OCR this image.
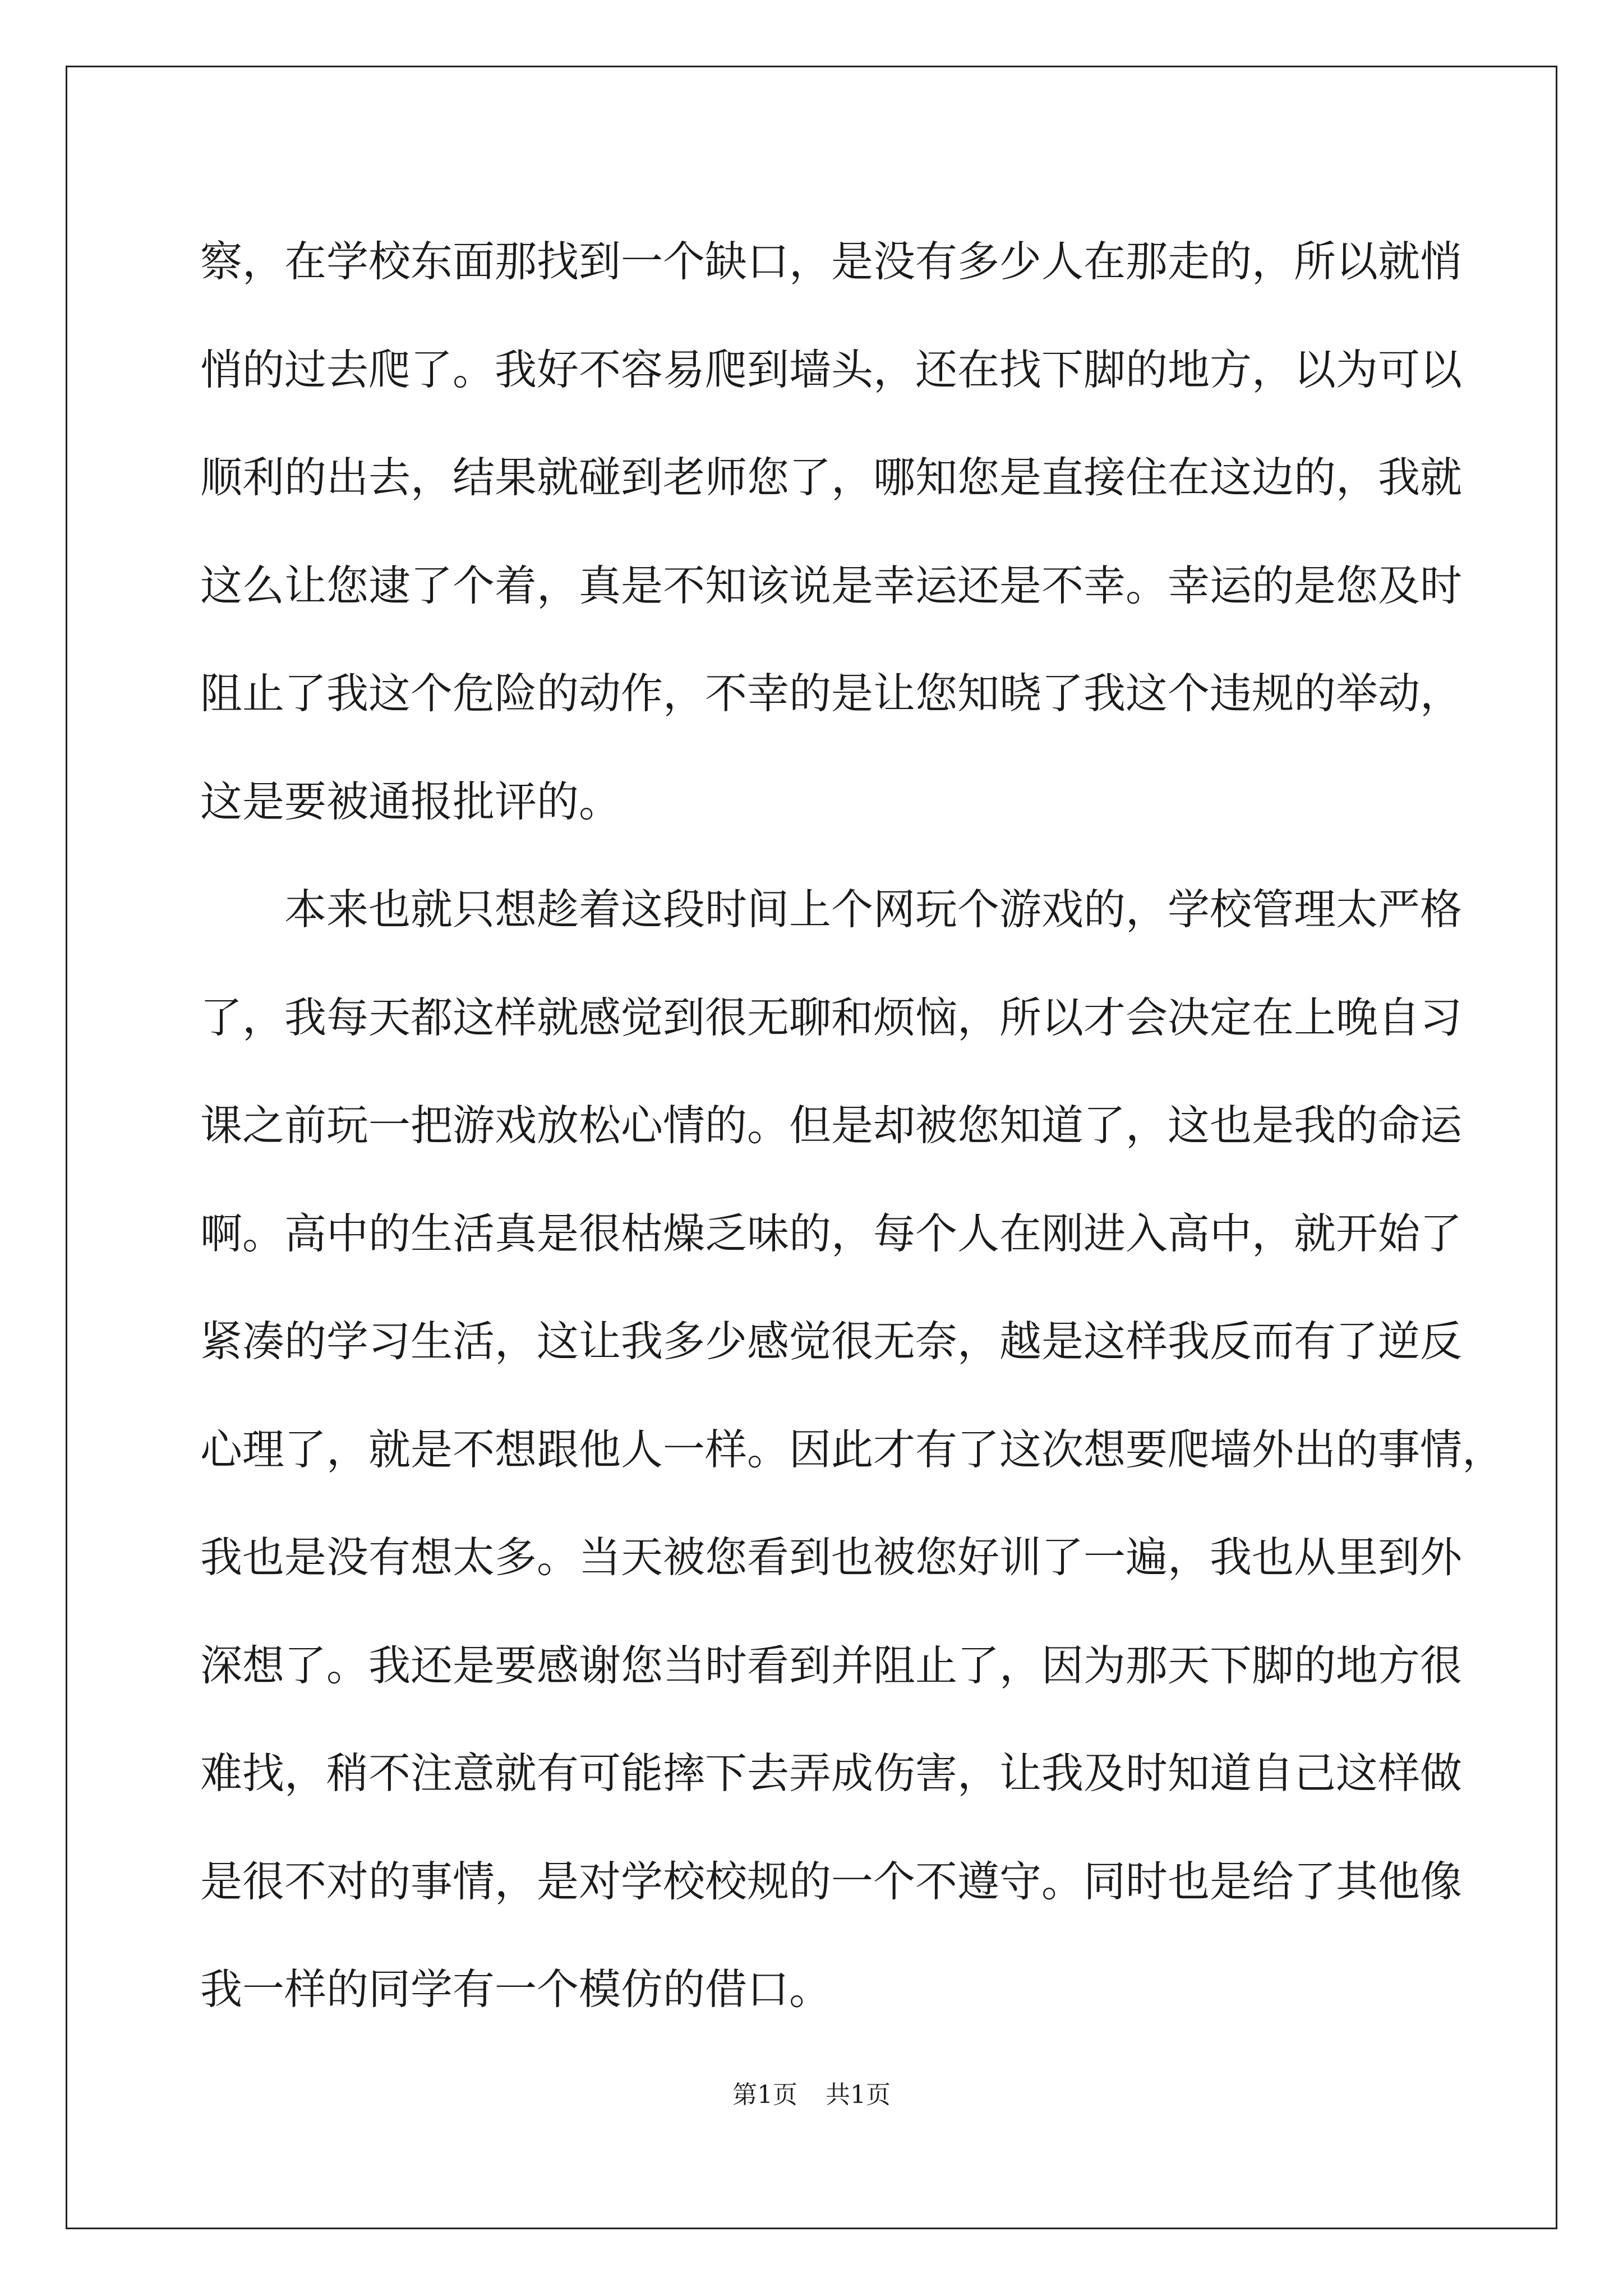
察，在学校东面那找到一个缺口，是没有多少人在那走的，所以就悄

悄的过去爬了。我好不容易爬到墙头，还在找下脚的地方，以为可以

顺利的出去，结果就碰到老师您了，哪知您是直接住在这边的，我就

这么让您逮了个着，真是不知该说是幸运还是不幸。幸运的是您及时

阻止了我这个危险的动作，不幸的是让您知晓了我这个违规的举动，

这是要被通报批评的。

本来也就只想趁着这段时间上个网玩个游戏的，学校管理太严格

了，我每天都这样就感觉到很无聊和烦恼，所以才会决定在上晚自习

课之前玩一把游戏放松心情的。但是却被您知道了，这也是我的命运

啊。高中的生活真是很枯燥乏味的，每个人在刚进入高中，就开始了

紧凑的学习生活，这让我多少感觉很无奈，越是这样我反而有了逆反

心理了，就是不想跟他人一样。因此才有了这次想要爬墙外出的事情，

我也是没有想太多。当天被您看到也被您好训了一遍，我也从里到外

深想了。我还是要感谢您当时看到并阻止了，因为那天下脚的地方很

难找，稍不注意就有可能摔下去弄成伤害，让我及时知道自己这样做

是很不对的事情，是对学校校规的一个不遵守。同时也是给了其他像

我一样的同学有一个模仿的借口。

第1页 共1页
